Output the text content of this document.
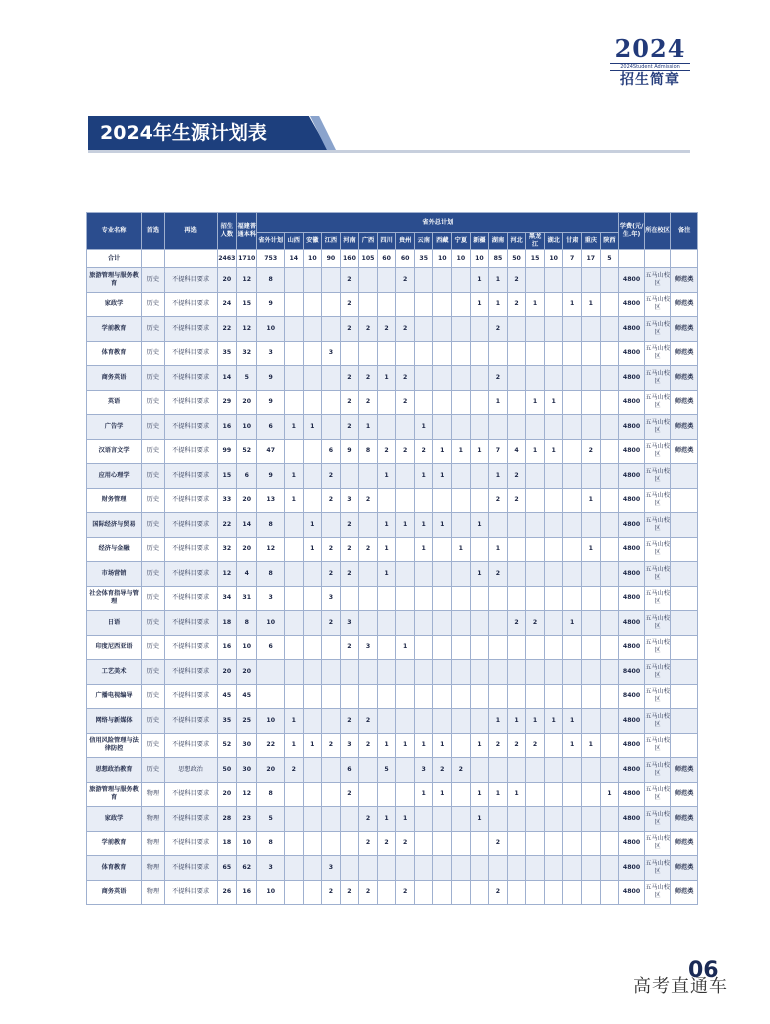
2024
2024Student Admission
招生简章
2024年生源计划表
专业名称	首选	再选	招生人数	福建普通本科	省外总计划																			学费(元/生.年)	所在校区	备注
					省外计划	山西	安徽	江西	河南	广西	四川	贵州	云南	西藏	宁夏	新疆	湖南	河北	黑龙江	湖北	甘肃	重庆	陕西			
合计			2463	1710	753	14	10	90	160	105	60	60	35	10	10	10	85	50	15	10	7	17	5			
旅游管理与服务教育	历史	不提科目要求	20	12	8				2			2				1	1	2						4800	五马山校区	师范类
家政学	历史	不提科目要求	24	15	9				2							1	1	2	1		1	1		4800	五马山校区	师范类
学前教育	历史	不提科目要求	22	12	10				2	2	2	2					2							4800	五马山校区	师范类
体育教育	历史	不提科目要求	35	32	3			3																4800	五马山校区	师范类
商务英语	历史	不提科目要求	14	5	9				2	2	1	2					2							4800	五马山校区	师范类
英语	历史	不提科目要求	29	20	9				2	2		2					1		1	1				4800	五马山校区	师范类
广告学	历史	不提科目要求	16	10	6	1	1		2	1			1											4800	五马山校区	师范类
汉语言文学	历史	不提科目要求	99	52	47			6	9	8	2	2	2	1	1	1	7	4	1	1		2		4800	五马山校区	师范类
应用心理学	历史	不提科目要求	15	6	9	1		2			1		1	1			1	2						4800	五马山校区	
财务管理	历史	不提科目要求	33	20	13	1		2	3	2							2	2				1		4800	五马山校区	
国际经济与贸易	历史	不提科目要求	22	14	8		1		2		1	1	1	1		1								4800	五马山校区	
经济与金融	历史	不提科目要求	32	20	12		1	2	2	2	1		1		1		1					1		4800	五马山校区	
市场营销	历史	不提科目要求	12	4	8			2	2		1					1	2							4800	五马山校区	
社会体育指导与管理	历史	不提科目要求	34	31	3			3																4800	五马山校区	
日语	历史	不提科目要求	18	8	10			2	3									2	2		1			4800	五马山校区	
印度尼西亚语	历史	不提科目要求	16	10	6				2	3		1												4800	五马山校区	
工艺美术	历史	不提科目要求	20	20																				8400	五马山校区	
广播电视编导	历史	不提科目要求	45	45																				8400	五马山校区	
网络与新媒体	历史	不提科目要求	35	25	10	1			2	2							1	1	1	1	1			4800	五马山校区	
信用风险管理与法律防控	历史	不提科目要求	52	30	22	1	1	2	3	2	1	1	1	1		1	2	2	2		1	1		4800	五马山校区	
思想政治教育	历史	思想政治	50	30	20	2			6		5		3	2	2									4800	五马山校区	师范类
旅游管理与服务教育	物理	不提科目要求	20	12	8				2				1	1		1	1	1					1	4800	五马山校区	师范类
家政学	物理	不提科目要求	28	23	5					2	1	1				1								4800	五马山校区	师范类
学前教育	物理	不提科目要求	18	10	8					2	2	2					2							4800	五马山校区	师范类
体育教育	物理	不提科目要求	65	62	3			3																4800	五马山校区	师范类
商务英语	物理	不提科目要求	26	16	10			2	2	2		2					2							4800	五马山校区	师范类
06
高考直通车
